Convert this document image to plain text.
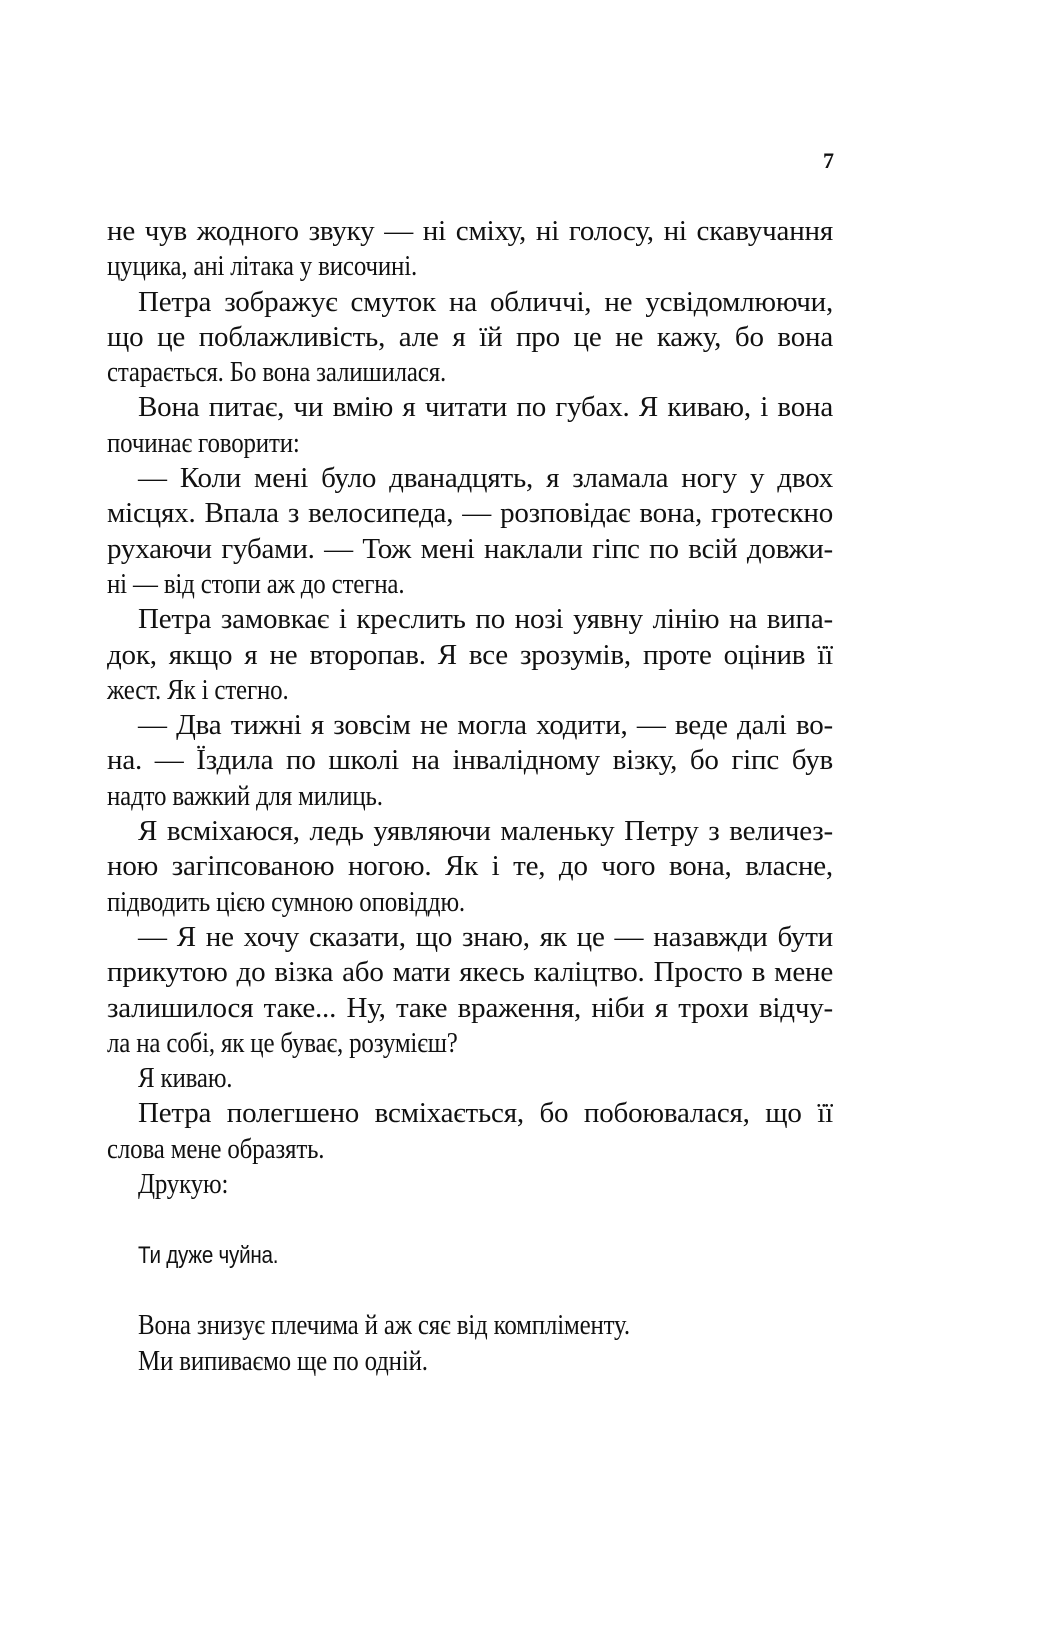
7
не чув жодного звуку — ні сміху, ні голосу, ні скавучання
цуцика, ані літака у височині.
Петра зображує смуток на обличчі, не усвідомлюючи,
що це поблажливість, але я їй про це не кажу, бо вона
старається. Бо вона залишилася.
Вона питає, чи вмію я читати по губах. Я киваю, і вона
починає говорити:
— Коли мені було дванадцять, я зламала ногу у двох
місцях. Впала з велосипеда, — розповідає вона, гротескно
рухаючи губами. — Тож мені наклали гіпс по всій довжи-
ні — від стопи аж до стегна.
Петра замовкає і креслить по нозі уявну лінію на випа-
док, якщо я не второпав. Я все зрозумів, проте оцінив її
жест. Як і стегно.
— Два тижні я зовсім не могла ходити, — веде далі во-
на. — Їздила по школі на інвалідному візку, бо гіпс був
надто важкий для милиць.
Я всміхаюся, ледь уявляючи маленьку Петру з величез-
ною загіпсованою ногою. Як і те, до чого вона, власне,
підводить цією сумною оповіддю.
— Я не хочу сказати, що знаю, як це — назавжди бути
прикутою до візка або мати якесь каліцтво. Просто в мене
залишилося таке... Ну, таке враження, ніби я трохи відчу-
ла на собі, як це буває, розумієш?
Я киваю.
Петра полегшено всміхається, бо побоювалася, що її
слова мене образять.
Друкую:
Ти дуже чуйна.
Вона знизує плечима й аж сяє від компліменту.
Ми випиваємо ще по одній.
